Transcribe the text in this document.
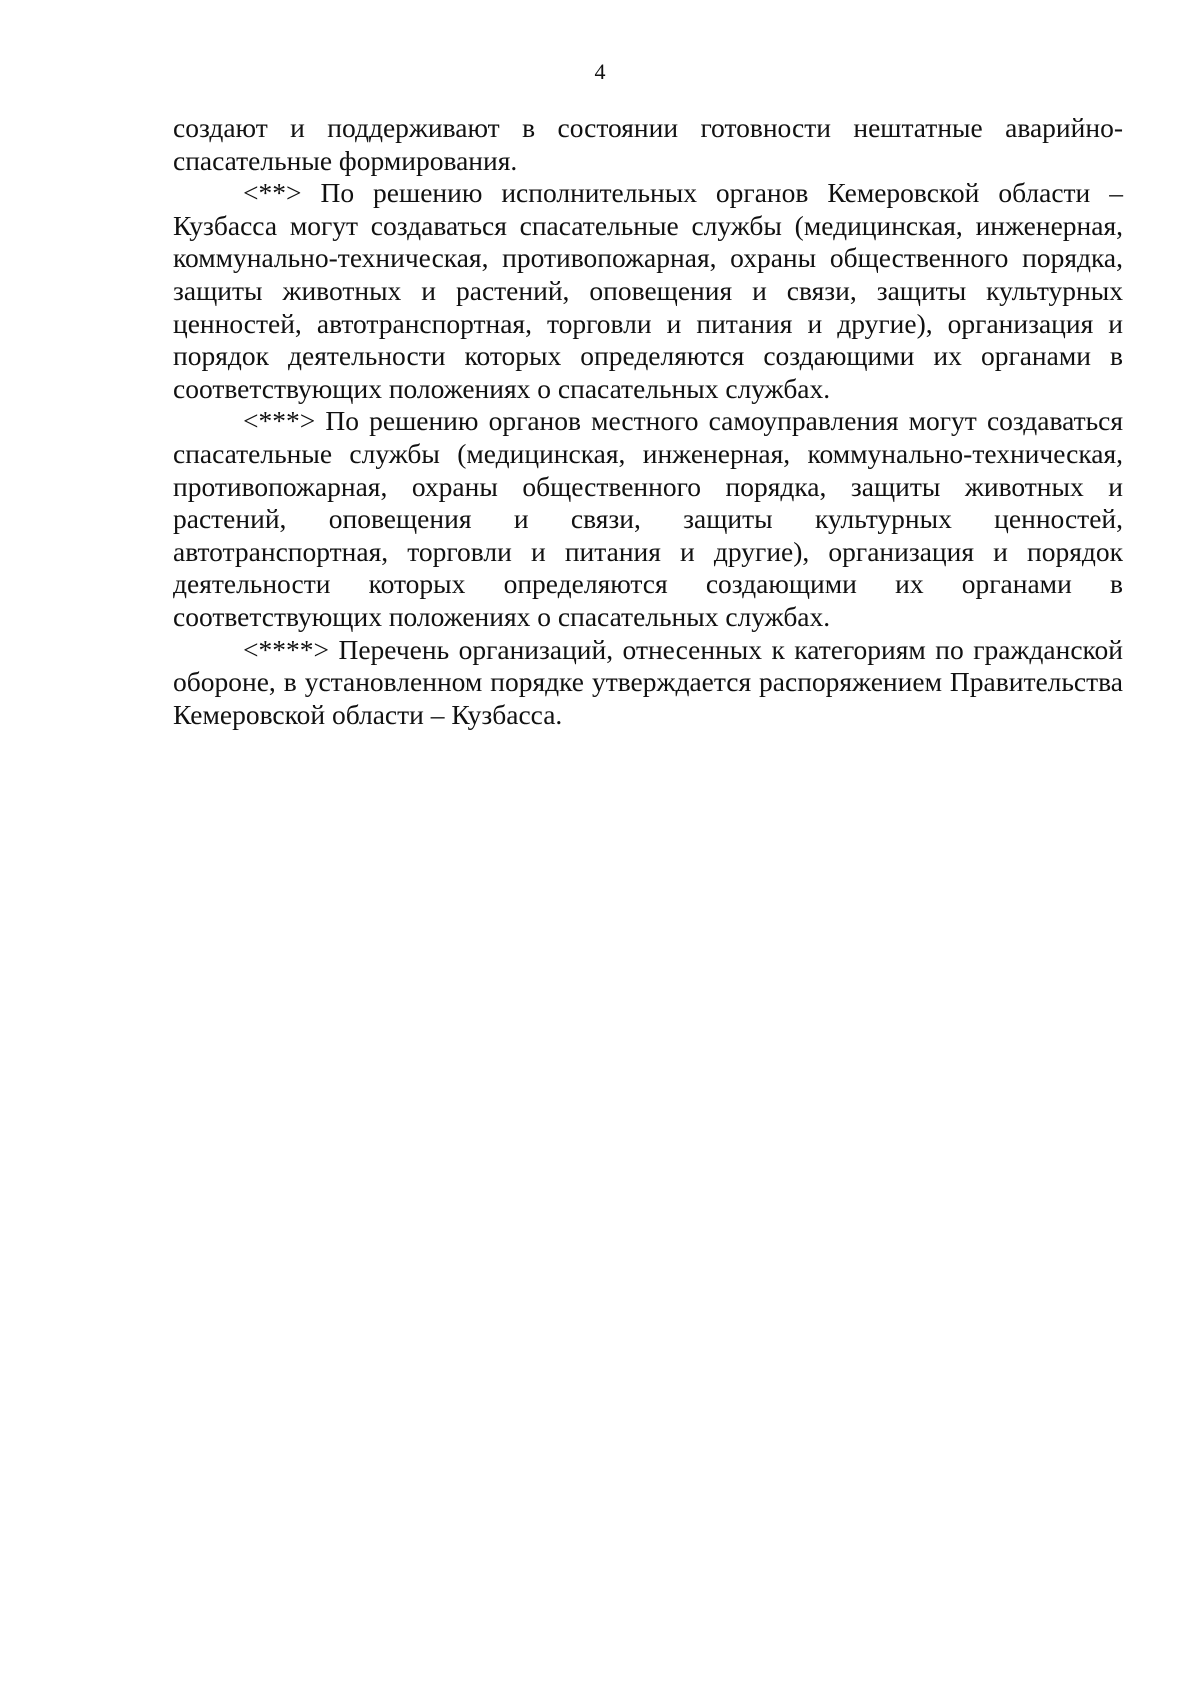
4

создают и поддерживают в состоянии готовности нештатные аварийно-спасательные формирования.

<**> По решению исполнительных органов Кемеровской области – Кузбасса могут создаваться спасательные службы (медицинская, инженерная, коммунально-техническая, противопожарная, охраны общественного порядка, защиты животных и растений, оповещения и связи, защиты культурных ценностей, автотранспортная, торговли и питания и другие), организация и порядок деятельности которых определяются создающими их органами в соответствующих положениях о спасательных службах.

<***> По решению органов местного самоуправления могут создаваться спасательные службы (медицинская, инженерная, коммунально-техническая, противопожарная, охраны общественного порядка, защиты животных и растений, оповещения и связи, защиты культурных ценностей, автотранспортная, торговли и питания и другие), организация и порядок деятельности которых определяются создающими их органами в соответствующих положениях о спасательных службах.

<****> Перечень организаций, отнесенных к категориям по гражданской обороне, в установленном порядке утверждается распоряжением Правительства Кемеровской области – Кузбасса.
